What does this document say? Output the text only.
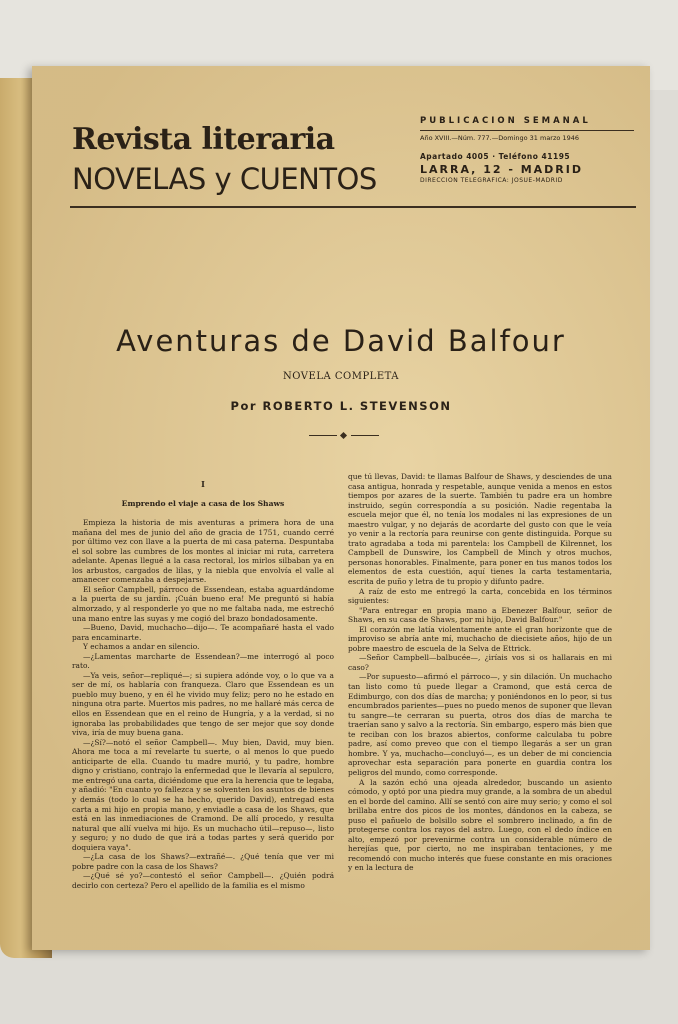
Revista literaria
NOVELAS y CUENTOS
PUBLICACION SEMANAL
Año XVIII.—Núm. 777.—Domingo 31 marzo 1946
Apartado 4005 · Teléfono 41195
LARRA, 12 - MADRID
DIRECCION TELEGRAFICA: JOSUE-MADRID
Aventuras de David Balfour
NOVELA COMPLETA
Por ROBERTO L. STEVENSON
I
Emprendo el viaje a casa de los Shaws

Empieza la historia de mis aventuras a primera hora de una mañana del mes de junio del año de gracia de 1751, cuando cerré por último vez con llave a la puerta de mi casa paterna. Despuntaba el sol sobre las cumbres de los montes al iniciar mi ruta, carretera adelante. Apenas llegué a la casa rectoral, los mirlos silbaban ya en los arbustos, cargados de lilas, y la niebla que envolvía el valle al amanecer comenzaba a despejarse.

El señor Campbell, párroco de Essendean, estaba aguardándome a la puerta de su jardín. ¡Cuán bueno era! Me preguntó si había almorzado, y al responderle yo que no me faltaba nada, me estrechó una mano entre las suyas y me cogió del brazo bondadosamente.

—Bueno, David, muchacho—dijo—. Te acompañaré hasta el vado para encaminarte.

Y echamos a andar en silencio.

—¿Lamentas marcharte de Essendean?—me interrogó al poco rato.

—Ya veis, señor—repliqué—; si supiera adónde voy, o lo que va a ser de mí, os hablaría con franqueza. Claro que Essendean es un pueblo muy bueno, y en él he vivido muy feliz; pero no he estado en ninguna otra parte. Muertos mis padres, no me hallaré más cerca de ellos en Essendean que en el reino de Hungría, y a la verdad, si no ignoraba las probabilidades que tengo de ser mejor que soy donde viva, iría de muy buena gana.

—¿Sí?—notó el señor Campbell—. Muy bien, David, muy bien. Ahora me toca a mí revelarte tu suerte, o al menos lo que puedo anticiparte de ella. Cuando tu madre murió, y tu padre, hombre digno y cristiano, contrajo la enfermedad que le llevaría al sepulcro, me entregó una carta, diciéndome que era la herencia que te legaba, y añadió: "En cuanto yo fallezca y se solventen los asuntos de bienes y demás (todo lo cual se ha hecho, querido David), entregad esta carta a mi hijo en propia mano, y enviadle a casa de los Shaws, que está en las inmediaciones de Cramond. De allí procedo, y resulta natural que allí vuelva mi hijo. Es un muchacho útil—repuso—, listo y seguro; y no dudo de que irá a todas partes y será querido por doquiera vaya".

—¿La casa de los Shaws?—extrañé—. ¿Qué tenía que ver mi pobre padre con la casa de los Shaws?

—¿Qué sé yo?—contestó el señor Campbell—. ¿Quién podrá decirlo con certeza? Pero el apellido de la familia es el mismo

que tú llevas, David: te llamas Balfour de Shaws, y desciendes de una casa antigua, honrada y respetable, aunque venida a menos en estos tiempos por azares de la suerte. También tu padre era un hombre instruido, según correspondía a su posición. Nadie regentaba la escuela mejor que él, no tenía los modales ni las expresiones de un maestro vulgar, y no dejarás de acordarte del gusto con que le veía yo venir a la rectoría para reunirse con gente distinguida. Porque su trato agradaba a toda mi parentela: los Campbell de Kilrennet, los Campbell de Dunswire, los Campbell de Minch y otros muchos, personas honorables. Finalmente, para poner en tus manos todos los elementos de esta cuestión, aquí tienes la carta testamentaria, escrita de puño y letra de tu propio y difunto padre.

A raíz de esto me entregó la carta, concebida en los términos siguientes:

"Para entregar en propia mano a Ebenezer Balfour, señor de Shaws, en su casa de Shaws, por mi hijo, David Balfour."

El corazón me latía violentamente ante el gran horizonte que de improviso se abría ante mí, muchacho de diecisiete años, hijo de un pobre maestro de escuela de la Selva de Ettrick.

—Señor Campbell—balbucée—, ¿iríais vos si os hallarais en mi caso?

—Por supuesto—afirmó el párroco—, y sin dilación. Un muchacho tan listo como tú puede llegar a Cramond, que está cerca de Edimburgo, con dos días de marcha; y poniéndonos en lo peor, si tus encumbrados parientes—pues no puedo menos de suponer que llevan tu sangre—te cerraran su puerta, otros dos días de marcha te traerían sano y salvo a la rectoría. Sin embargo, espero más bien que te reciban con los brazos abiertos, conforme calculaba tu pobre padre, así como preveo que con el tiempo llegarás a ser un gran hombre. Y ya, muchacho—concluyó—, es un deber de mi conciencia aprovechar esta separación para ponerte en guardia contra los peligros del mundo, como corresponde.

A la sazón echó una ojeada alrededor, buscando un asiento cómodo, y optó por una piedra muy grande, a la sombra de un abedul en el borde del camino. Allí se sentó con aire muy serio; y como el sol brillaba entre dos picos de los montes, dándonos en la cabeza, se puso el pañuelo de bolsillo sobre el sombrero inclinado, a fin de protegerse contra los rayos del astro. Luego, con el dedo índice en alto, empezó por prevenirme contra un considerable número de herejías que, por cierto, no me inspiraban tentaciones, y me recomendó con mucho interés que fuese constante en mis oraciones y en la lectura de
